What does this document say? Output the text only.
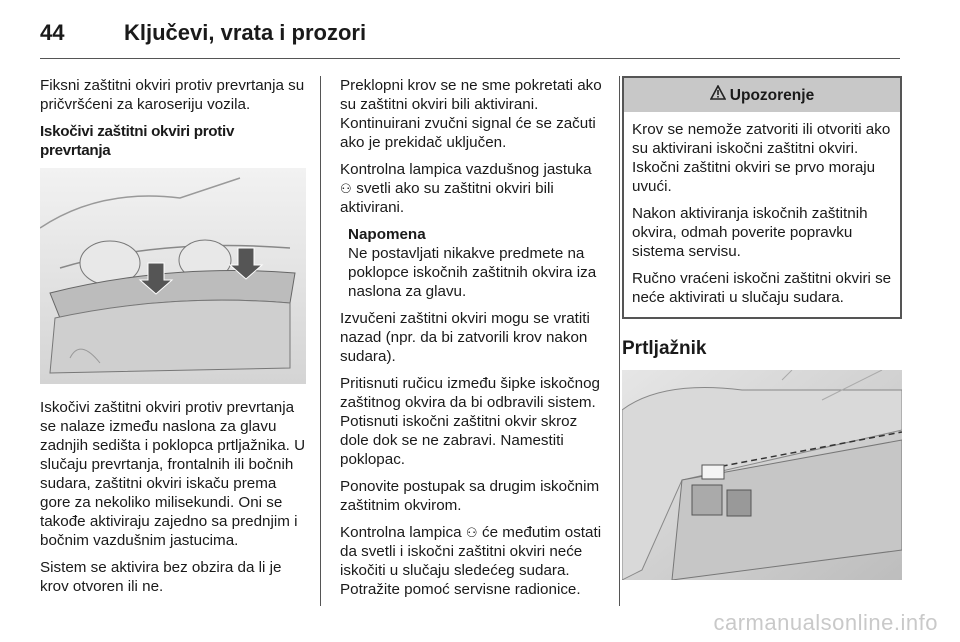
44	Ključevi, vrata i prozori

Fiksni zaštitni okviri protiv prevrtanja su pričvršćeni za karoseriju vozila.

Iskočivi zaštitni okviri protiv prevrtanja

Iskočivi zaštitni okviri protiv prevrtanja se nalaze između naslona za glavu zadnjih sedišta i poklopca prtljažnika. U slučaju prevrtanja, frontalnih ili bočnih sudara, zaštitni okviri iskaču prema gore za nekoliko milisekundi. Oni se takođe aktiviraju zajedno sa prednjim i bočnim vazdušnim jastucima.

Sistem se aktivira bez obzira da li je krov otvoren ili ne.

Preklopni krov se ne sme pokretati ako su zaštitni okviri bili aktivirani. Kontinuirani zvučni signal će se začuti ako je prekidač uključen.

Kontrolna lampica vazdušnog jastuka ⚇ svetli ako su zaštitni okviri bili aktivirani.

Napomena
Ne postavljati nikakve predmete na poklopce iskočnih zaštitnih okvira iza naslona za glavu.

Izvučeni zaštitni okviri mogu se vratiti nazad (npr. da bi zatvorili krov nakon sudara).

Pritisnuti ručicu između šipke iskočnog zaštitnog okvira da bi odbravili sistem. Potisnuti iskočni zaštitni okvir skroz dole dok se ne zabravi. Namestiti poklopac.

Ponovite postupak sa drugim iskočnim zaštitnim okvirom.

Kontrolna lampica ⚇ će međutim ostati da svetli i iskočni zaštitni okviri neće iskočiti u slučaju sledećeg sudara. Potražite pomoć servisne radionice.

Upozorenje

Krov se nemože zatvoriti ili otvoriti ako su aktivirani iskočni zaštitni okviri. Iskočni zaštitni okviri se prvo moraju uvući.

Nakon aktiviranja iskočnih zaštitnih okvira, odmah poverite popravku sistema servisu.

Ručno vraćeni iskočni zaštitni okviri se neće aktivirati u slučaju sudara.

Prtljažnik
carmanualsonline.info
